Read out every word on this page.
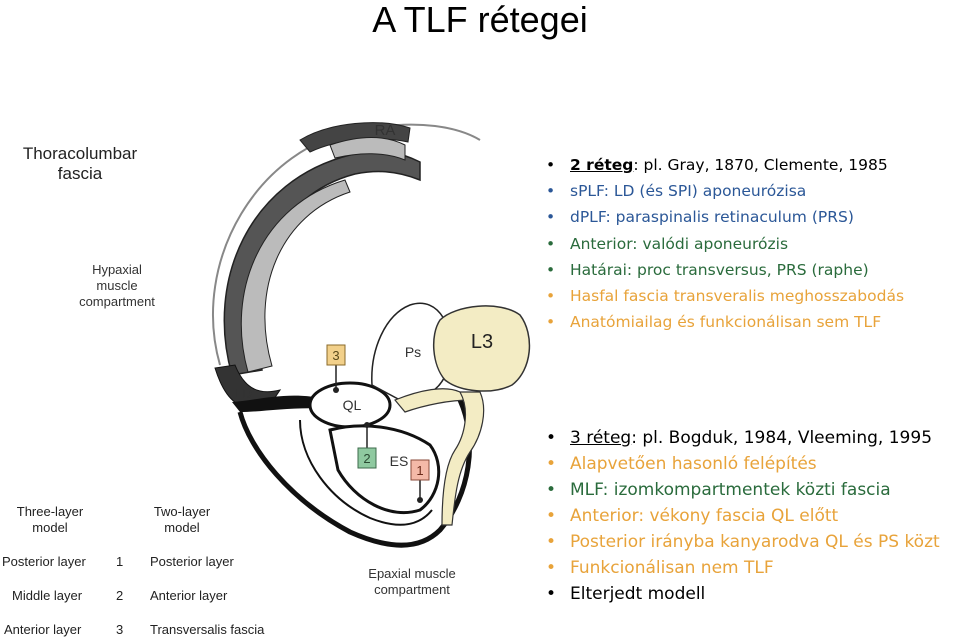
A TLF rétegei
3
2
1
RA
LD
QL
Ps
ES
L3
Thoracolumbar fascia
Hypaxial muscle compartment
Epaxial muscle compartment
Three-layer model
Two-layer model
Posterior layer 1 Posterior layer
Middle layer	2 Anterior layer
Anterior layer	3 Transversalis fascia
• 2 réteg: pl. Gray, 1870, Clemente, 1985
• sPLF: LD (és SPI) aponeurózisa
• dPLF: paraspinalis retinaculum (PRS)
• Anterior: valódi aponeurózis
• Határai: proc transversus, PRS (raphe)
• Hasfal fascia transveralis meghosszabodás
• Anatómiailag és funkcionálisan sem TLF
• 3 réteg: pl. Bogduk, 1984, Vleeming, 1995
• Alapvetően hasonló felépítés
• MLF: izomkompartmentek közti fascia
• Anterior: vékony fascia QL előtt
• Posterior irányba kanyarodva QL és PS közt
• Funkcionálisan nem TLF
• Elterjedt modell
